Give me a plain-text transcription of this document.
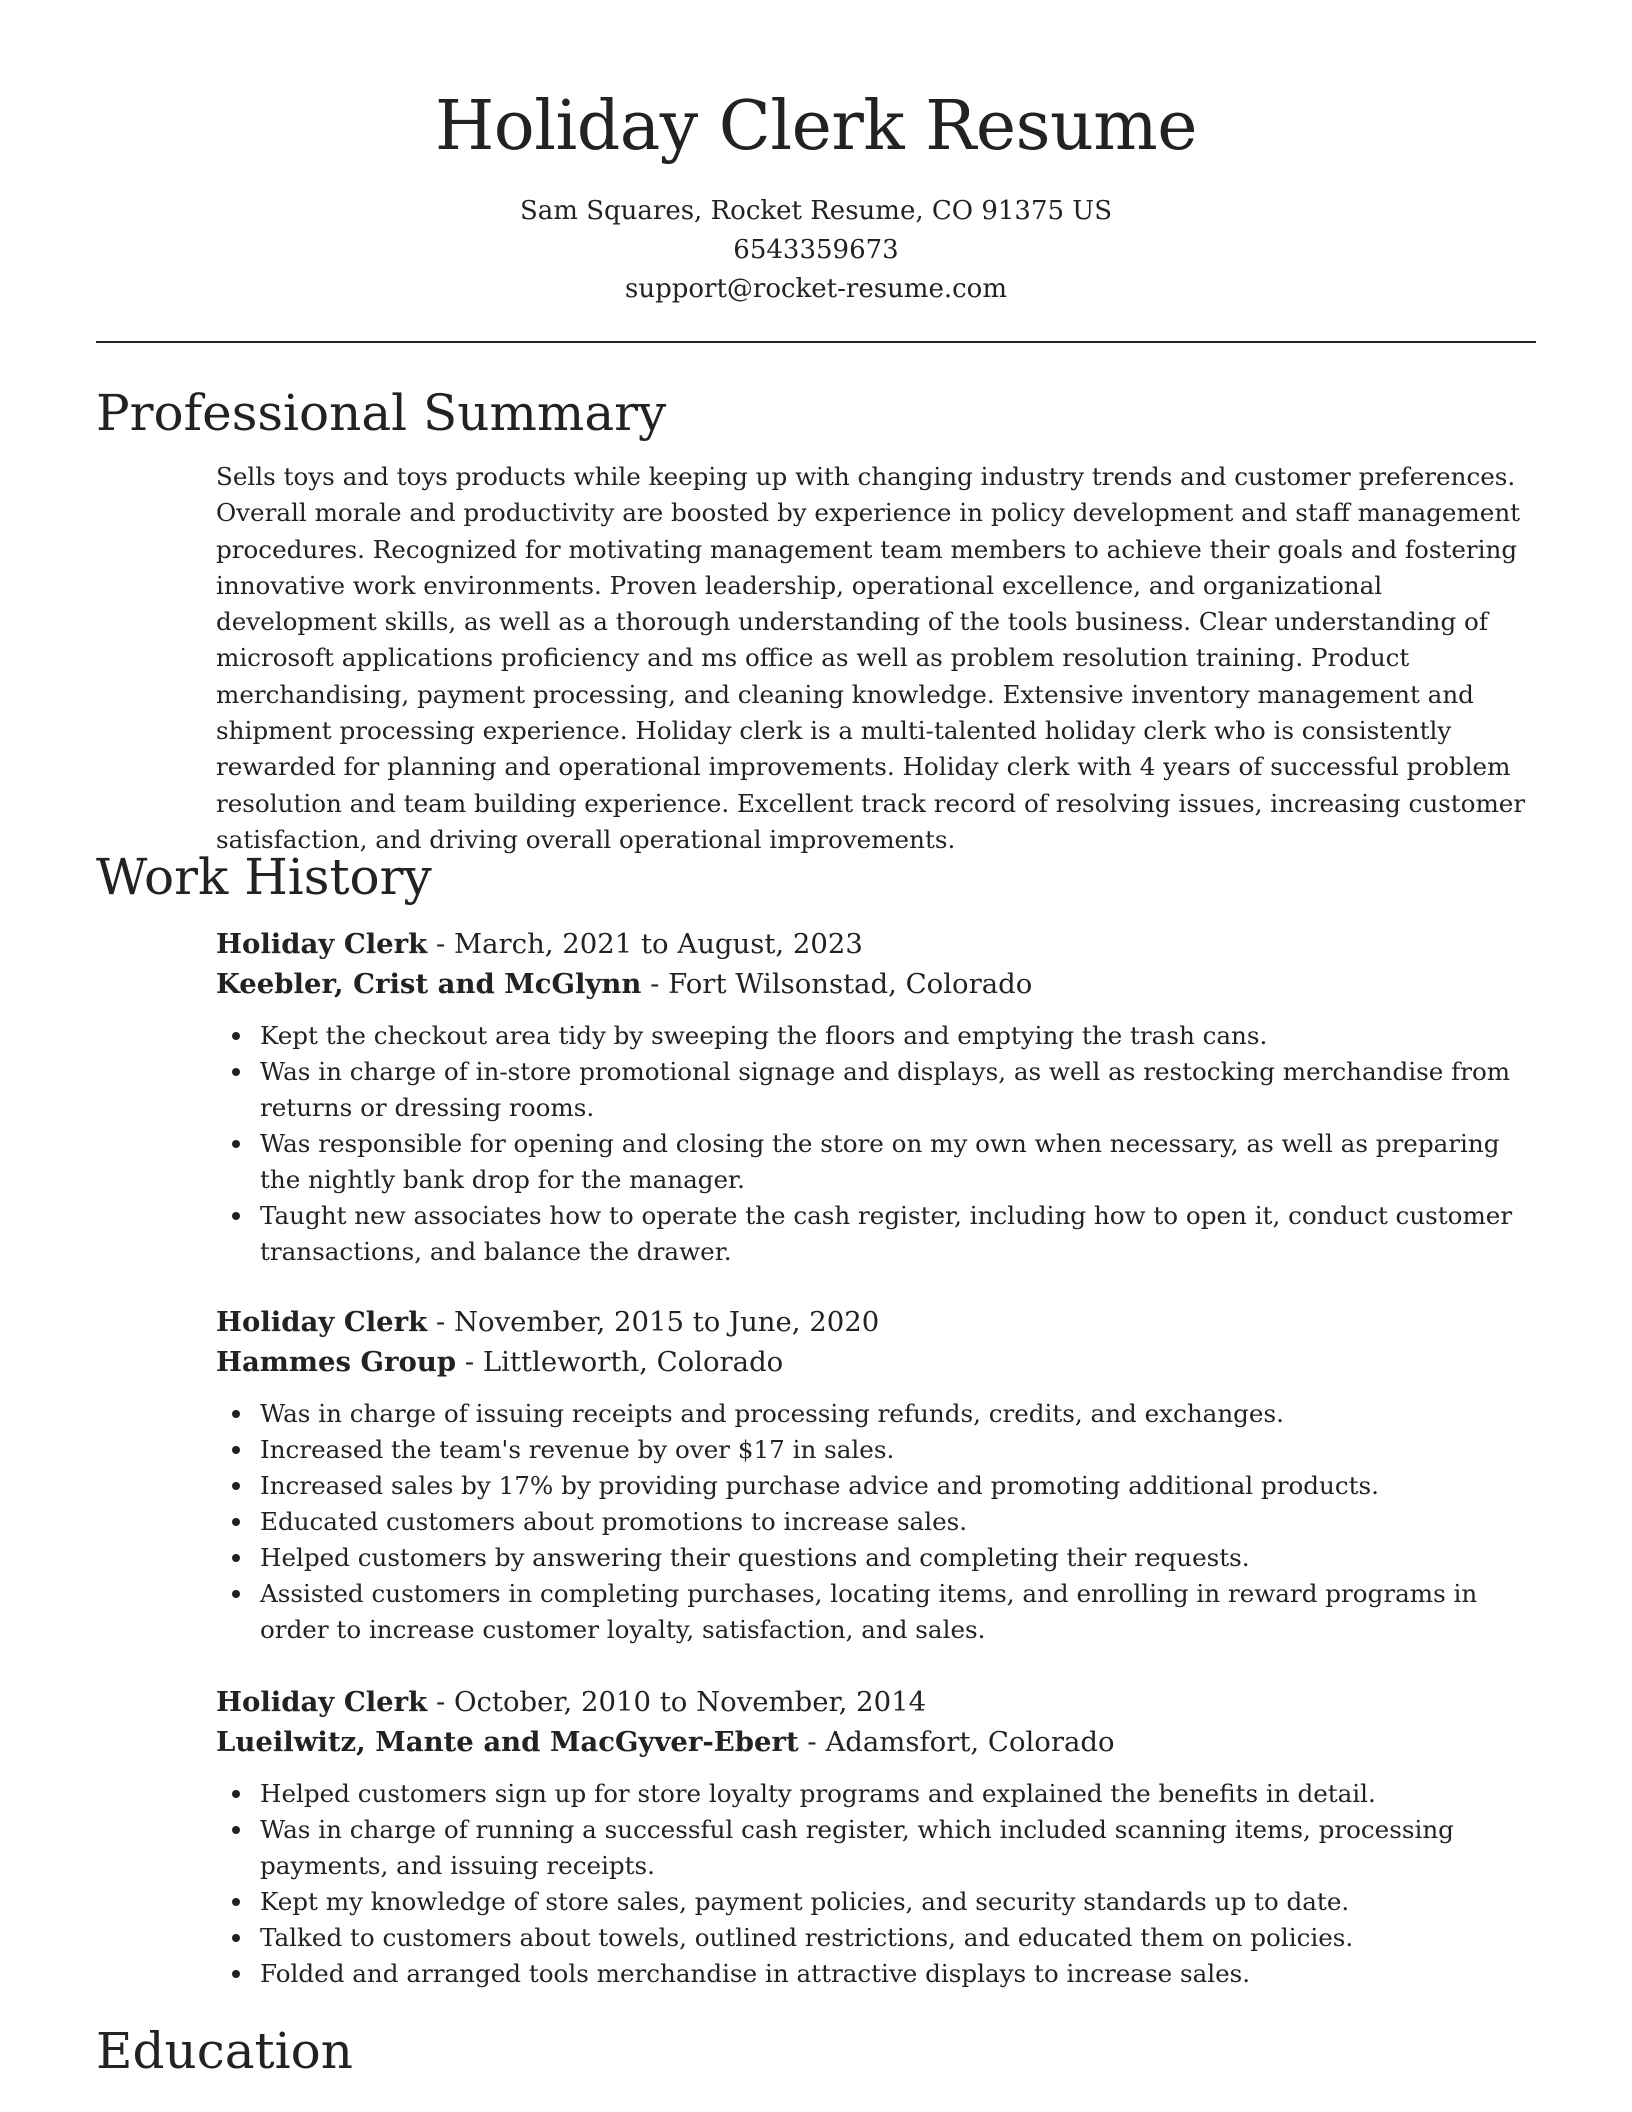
Holiday Clerk Resume
Sam Squares, Rocket Resume, CO 91375 US
6543359673
support@rocket-resume.com
Professional Summary
Sells toys and toys products while keeping up with changing industry trends and customer preferences. Overall morale and productivity are boosted by experience in policy development and staff management procedures. Recognized for motivating management team members to achieve their goals and fostering innovative work environments. Proven leadership, operational excellence, and organizational development skills, as well as a thorough understanding of the tools business. Clear understanding of microsoft applications proficiency and ms office as well as problem resolution training. Product merchandising, payment processing, and cleaning knowledge. Extensive inventory management and shipment processing experience. Holiday clerk is a multi-talented holiday clerk who is consistently rewarded for planning and operational improvements. Holiday clerk with 4 years of successful problem resolution and team building experience. Excellent track record of resolving issues, increasing customer satisfaction, and driving overall operational improvements.
Work History
Holiday Clerk - March, 2021 to August, 2023
Keebler, Crist and McGlynn - Fort Wilsonstad, Colorado
Kept the checkout area tidy by sweeping the floors and emptying the trash cans.
Was in charge of in-store promotional signage and displays, as well as restocking merchandise from returns or dressing rooms.
Was responsible for opening and closing the store on my own when necessary, as well as preparing the nightly bank drop for the manager.
Taught new associates how to operate the cash register, including how to open it, conduct customer transactions, and balance the drawer.
Holiday Clerk - November, 2015 to June, 2020
Hammes Group - Littleworth, Colorado
Was in charge of issuing receipts and processing refunds, credits, and exchanges.
Increased the team's revenue by over $17 in sales.
Increased sales by 17% by providing purchase advice and promoting additional products.
Educated customers about promotions to increase sales.
Helped customers by answering their questions and completing their requests.
Assisted customers in completing purchases, locating items, and enrolling in reward programs in order to increase customer loyalty, satisfaction, and sales.
Holiday Clerk - October, 2010 to November, 2014
Lueilwitz, Mante and MacGyver-Ebert - Adamsfort, Colorado
Helped customers sign up for store loyalty programs and explained the benefits in detail.
Was in charge of running a successful cash register, which included scanning items, processing payments, and issuing receipts.
Kept my knowledge of store sales, payment policies, and security standards up to date.
Talked to customers about towels, outlined restrictions, and educated them on policies.
Folded and arranged tools merchandise in attractive displays to increase sales.
Education
